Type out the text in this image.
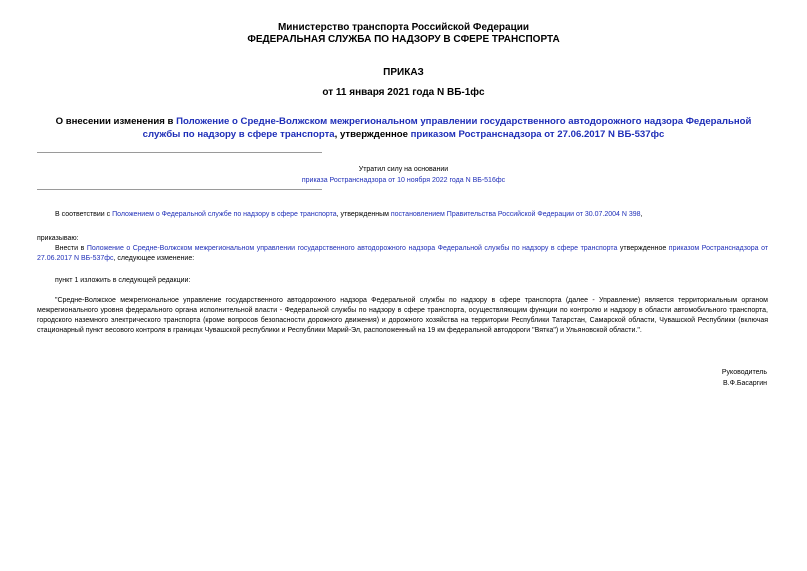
Министерство транспорта Российской Федерации
ФЕДЕРАЛЬНАЯ СЛУЖБА ПО НАДЗОРУ В СФЕРЕ ТРАНСПОРТА
ПРИКАЗ
от 11 января 2021 года N ВБ-1фс
О внесении изменения в Положение о Средне-Волжском межрегиональном управлении государственного автодорожного надзора Федеральной службы по надзору в сфере транспорта, утвержденное приказом Ространснадзора от 27.06.2017 N ВБ-537фс
Утратил силу на основании
приказа Ространснадзора от 10 ноября 2022 года N ВБ-516фс
В соответствии с Положением о Федеральной службе по надзору в сфере транспорта, утвержденным постановлением Правительства Российской Федерации от 30.07.2004 N 398,
приказываю:
Внести в Положение о Средне-Волжском межрегиональном управлении государственного автодорожного надзора Федеральной службы по надзору в сфере транспорта утвержденное приказом Ространснадзора от 27.06.2017 N ВБ-537фс, следующее изменение:
пункт 1 изложить в следующей редакции:
"Средне-Волжское межрегиональное управление государственного автодорожного надзора Федеральной службы по надзору в сфере транспорта (далее - Управление) является территориальным органом межрегионального уровня федерального органа исполнительной власти - Федеральной службы по надзору в сфере транспорта, осуществляющим функции по контролю и надзору в области автомобильного транспорта, городского наземного электрического транспорта (кроме вопросов безопасности дорожного движения) и дорожного хозяйства на территории Республики Татарстан, Самарской области, Чувашской Республики (включая стационарный пункт весового контроля в границах Чувашской республики и Республики Марий-Эл, расположенный на 19 км федеральной автодороги "Вятка") и Ульяновской области.".
Руководитель
В.Ф.Басаргин
